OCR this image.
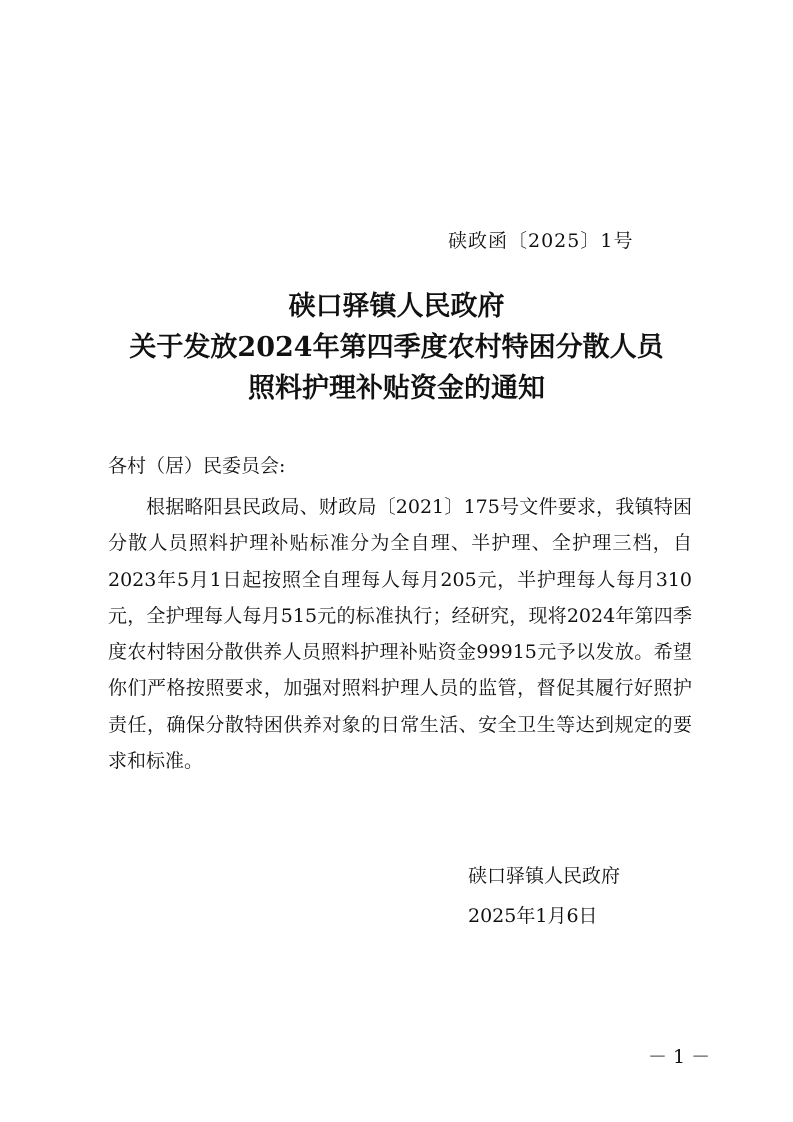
硖政函〔2025〕1号
硖口驿镇人民政府
关于发放2024年第四季度农村特困分散人员
照料护理补贴资金的通知
各村（居）民委员会:

根据略阳县民政局、财政局〔2021〕175号文件要求，我镇特困分散人员照料护理补贴标准分为全自理、半护理、全护理三档，自2023年5月1日起按照全自理每人每月205元，半护理每人每月310元，全护理每人每月515元的标准执行；经研究，现将2024年第四季度农村特困分散供养人员照料护理补贴资金99915元予以发放。希望你们严格按照要求，加强对照料护理人员的监管，督促其履行好照护责任，确保分散特困供养对象的日常生活、安全卫生等达到规定的要求和标准。

硖口驿镇人民政府
2025年1月6日
－ 1 －
